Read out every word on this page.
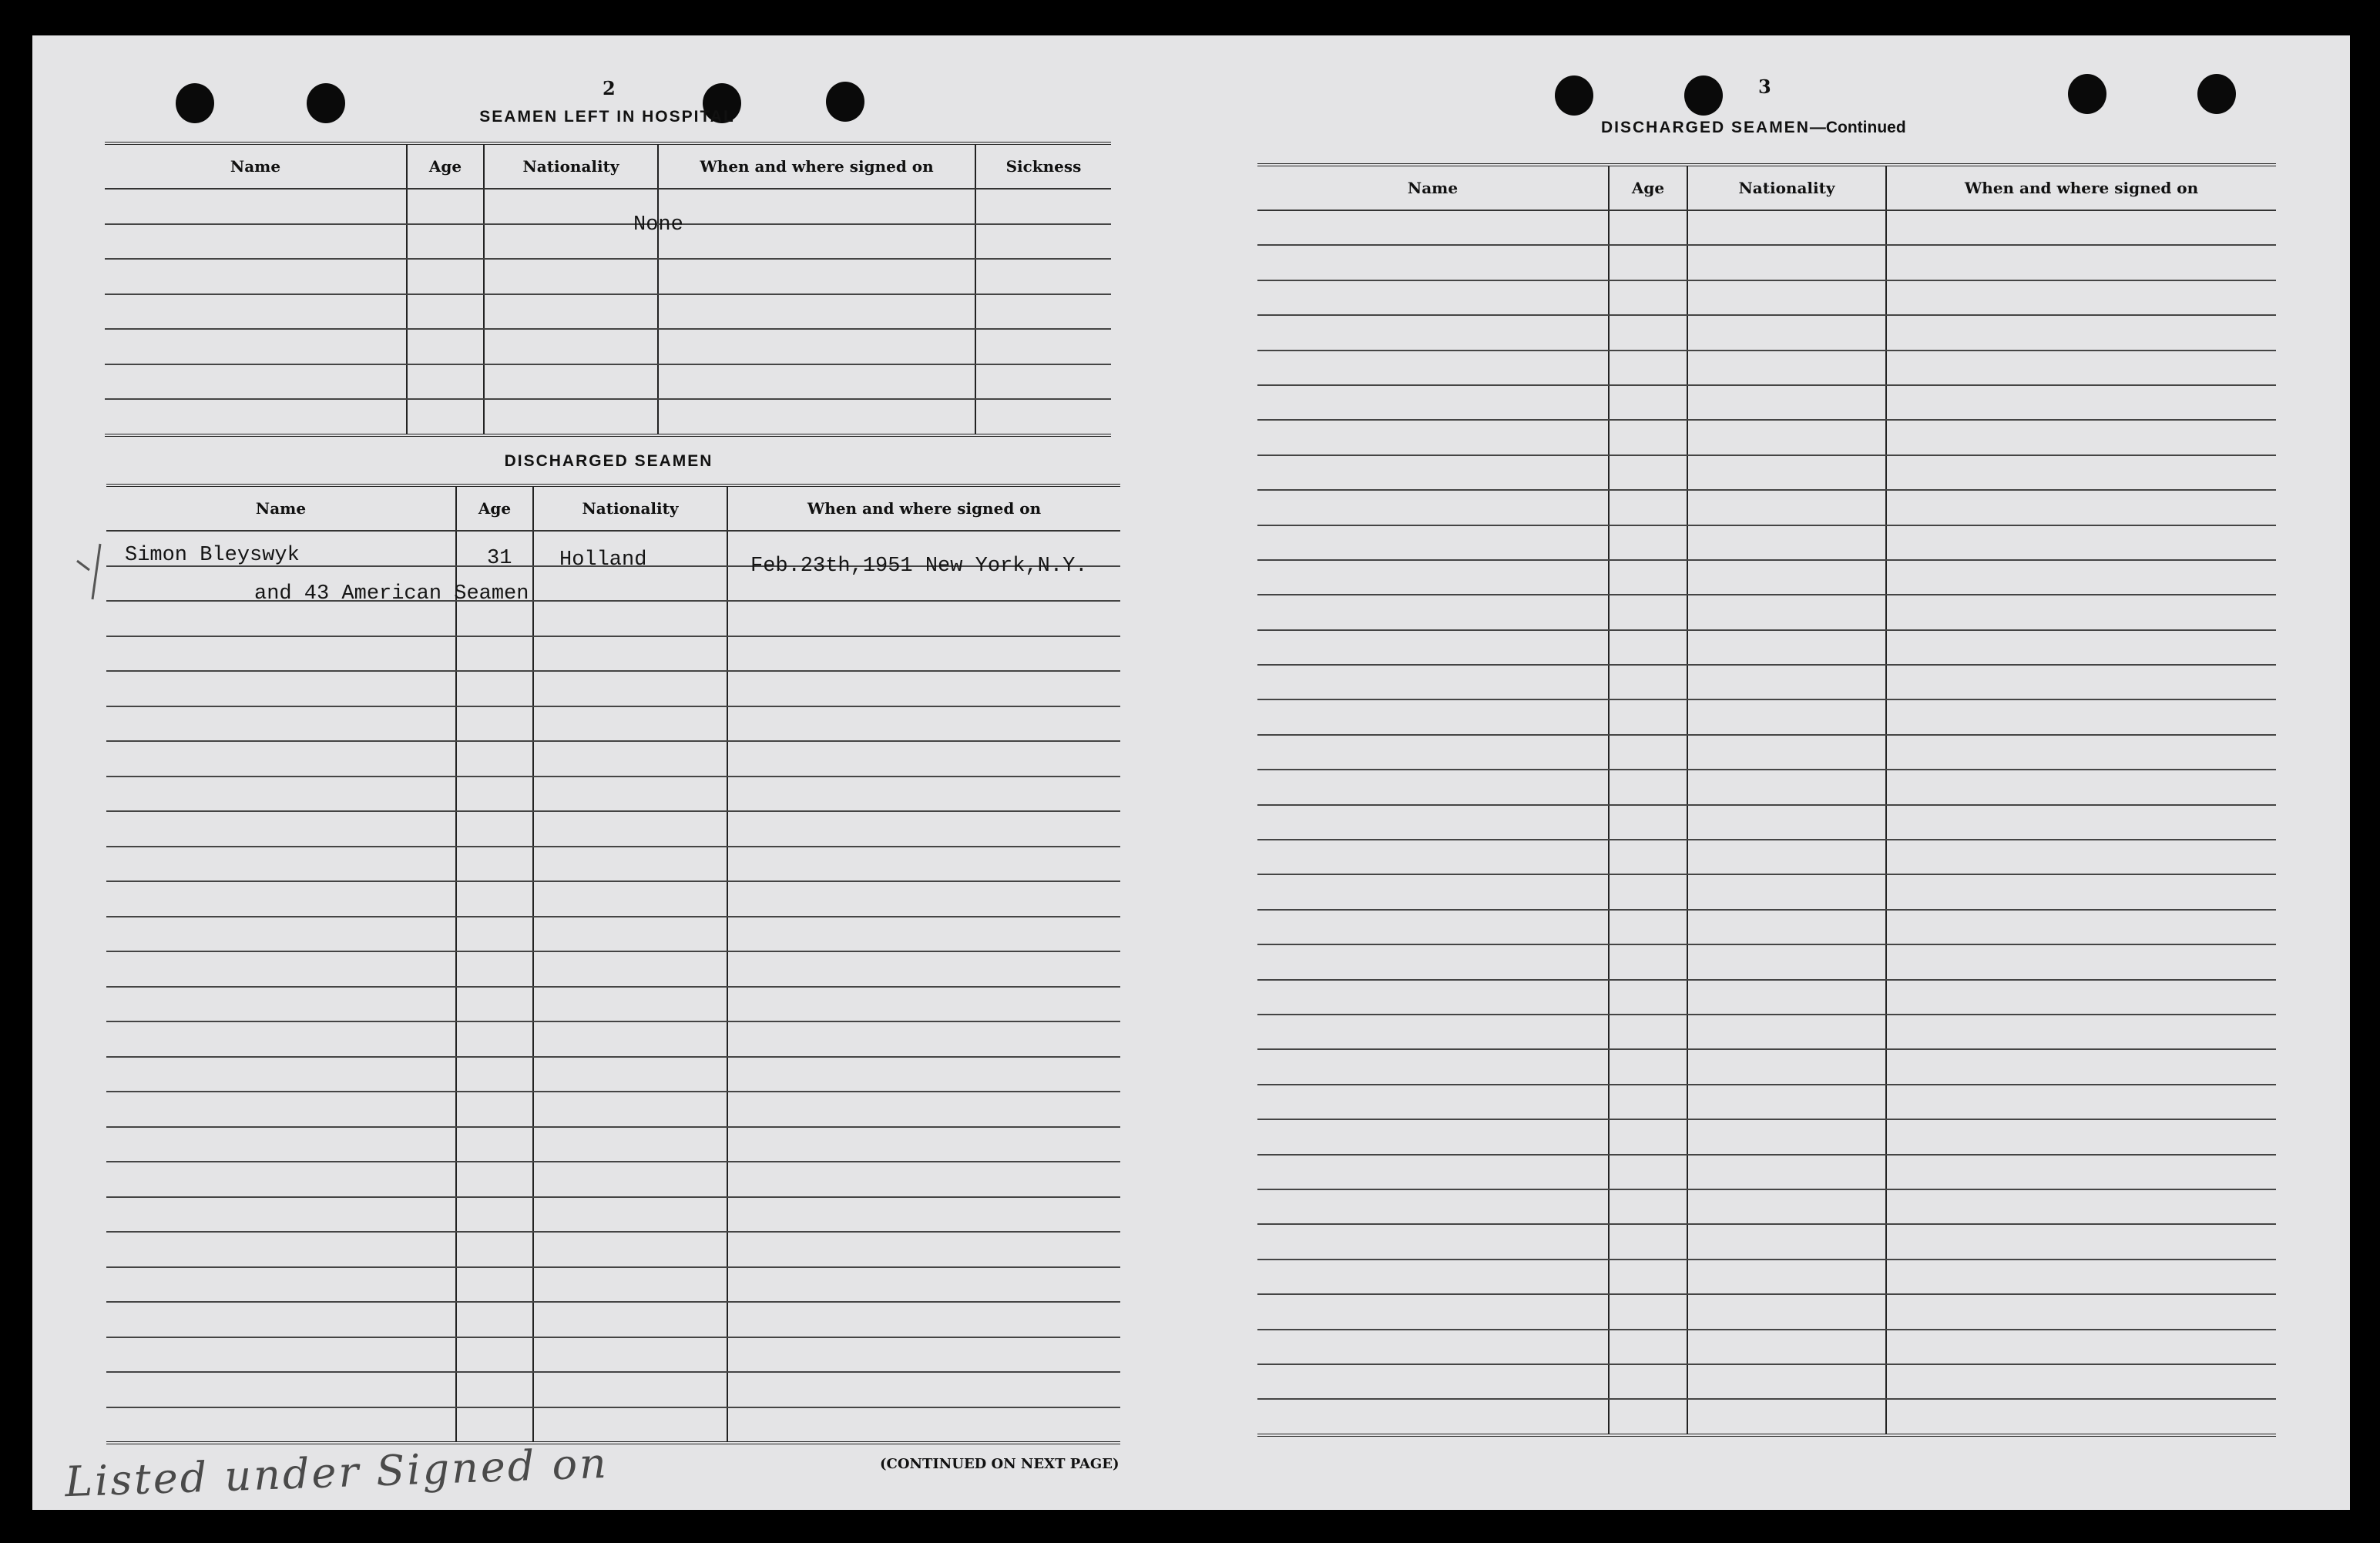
2
SEAMEN LEFT IN HOSPITAL
Name	Age	Nationality	When and where signed on	Sickness

None
DISCHARGED SEAMEN
Name	Age	Nationality	When and where signed on

Simon Bleyswyk	31 Holland	Feb.23th,1951 New York,N.Y.
and 43 American Seamen
(CONTINUED ON NEXT PAGE)
Listed under Signed on
3
DISCHARGED SEAMEN—Continued
Name	Age	Nationality	When and where signed on
